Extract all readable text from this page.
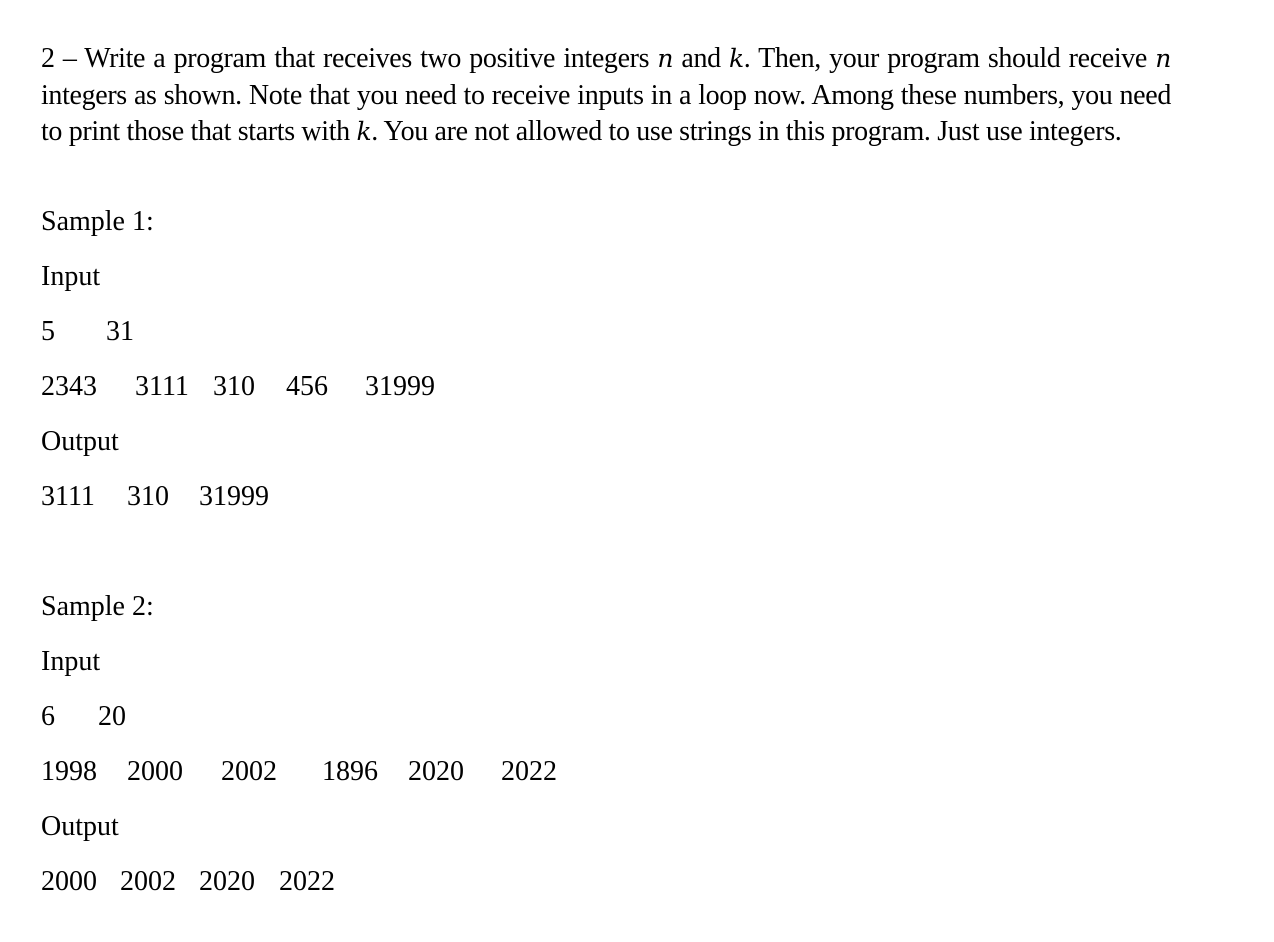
2 – Write a program that receives two positive integers n and k. Then, your program should receive n integers as shown. Note that you need to receive inputs in a loop now. Among these numbers, you need to print those that starts with k. You are not allowed to use strings in this program. Just use integers.

Sample 1:
Input
5 31
2343 3111 310 456 31999
Output
3111 310 31999
Sample 2:
Input
6 20
1998 2000 2002 1896 2020 2022
Output
2000 2002 2020 2022
